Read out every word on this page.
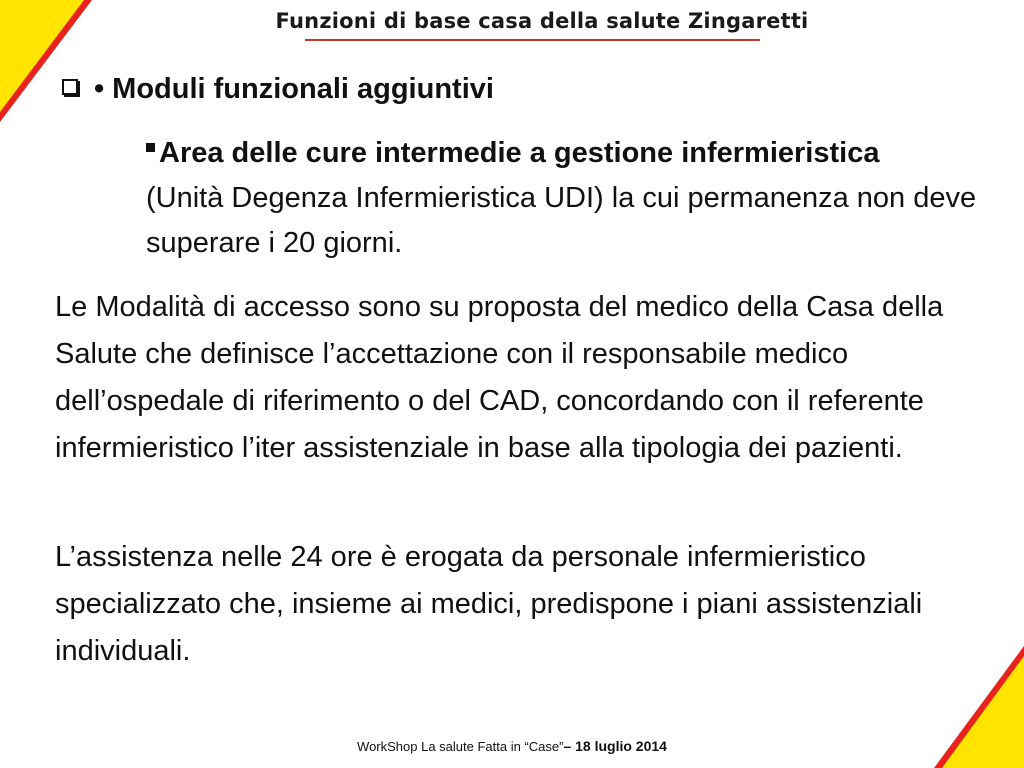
Funzioni di base casa della salute Zingaretti
• Moduli funzionali aggiuntivi
Area delle cure intermedie a gestione infermieristica
(Unità Degenza Infermieristica UDI) la cui permanenza non deve superare i 20 giorni.
Le Modalità di accesso sono su proposta del medico della Casa della Salute che definisce l’accettazione con il responsabile medico dell’ospedale di riferimento o del CAD, concordando con il referente infermieristico l’iter assistenziale in base alla tipologia dei pazienti.
L’assistenza nelle 24 ore è erogata da personale infermieristico specializzato che, insieme ai medici, predispone i piani assistenziali individuali.
WorkShop La salute Fatta in “Case”– 18 luglio 2014
